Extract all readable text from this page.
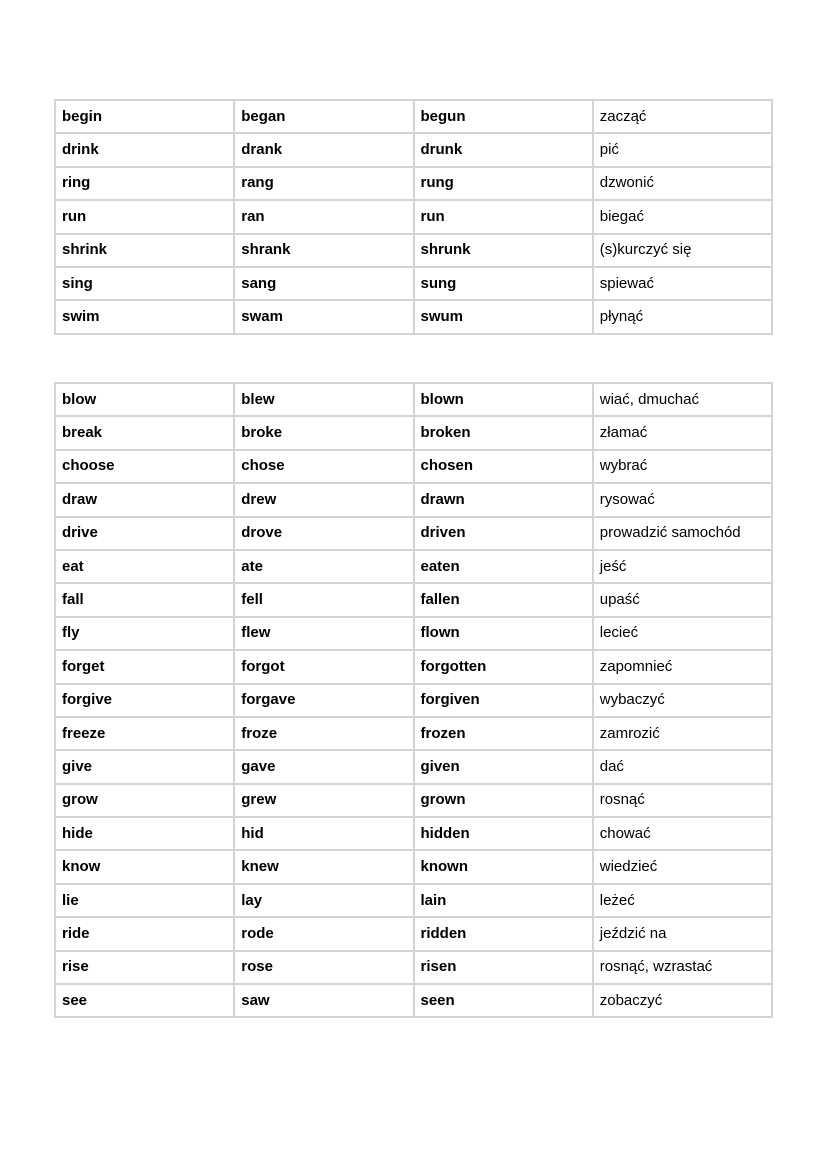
begin	began	begun	zacząć
drink	drank	drunk	pić
ring	rang	rung	dzwonić
run	ran	run	biegać
shrink	shrank	shrunk	(s)kurczyć się
sing	sang	sung	spiewać
swim	swam	swum	płynąć
blow	blew	blown	wiać, dmuchać
break	broke	broken	złamać
choose	chose	chosen	wybrać
draw	drew	drawn	rysować
drive	drove	driven	prowadzić samochód
eat	ate	eaten	jeść
fall	fell	fallen	upaść
fly	flew	flown	lecieć
forget	forgot	forgotten	zapomnieć
forgive	forgave	forgiven	wybaczyć
freeze	froze	frozen	zamrozić
give	gave	given	dać
grow	grew	grown	rosnąć
hide	hid	hidden	chować
know	knew	known	wiedzieć
lie	lay	lain	leżeć
ride	rode	ridden	jeździć na
rise	rose	risen	rosnąć, wzrastać
see	saw	seen	zobaczyć
